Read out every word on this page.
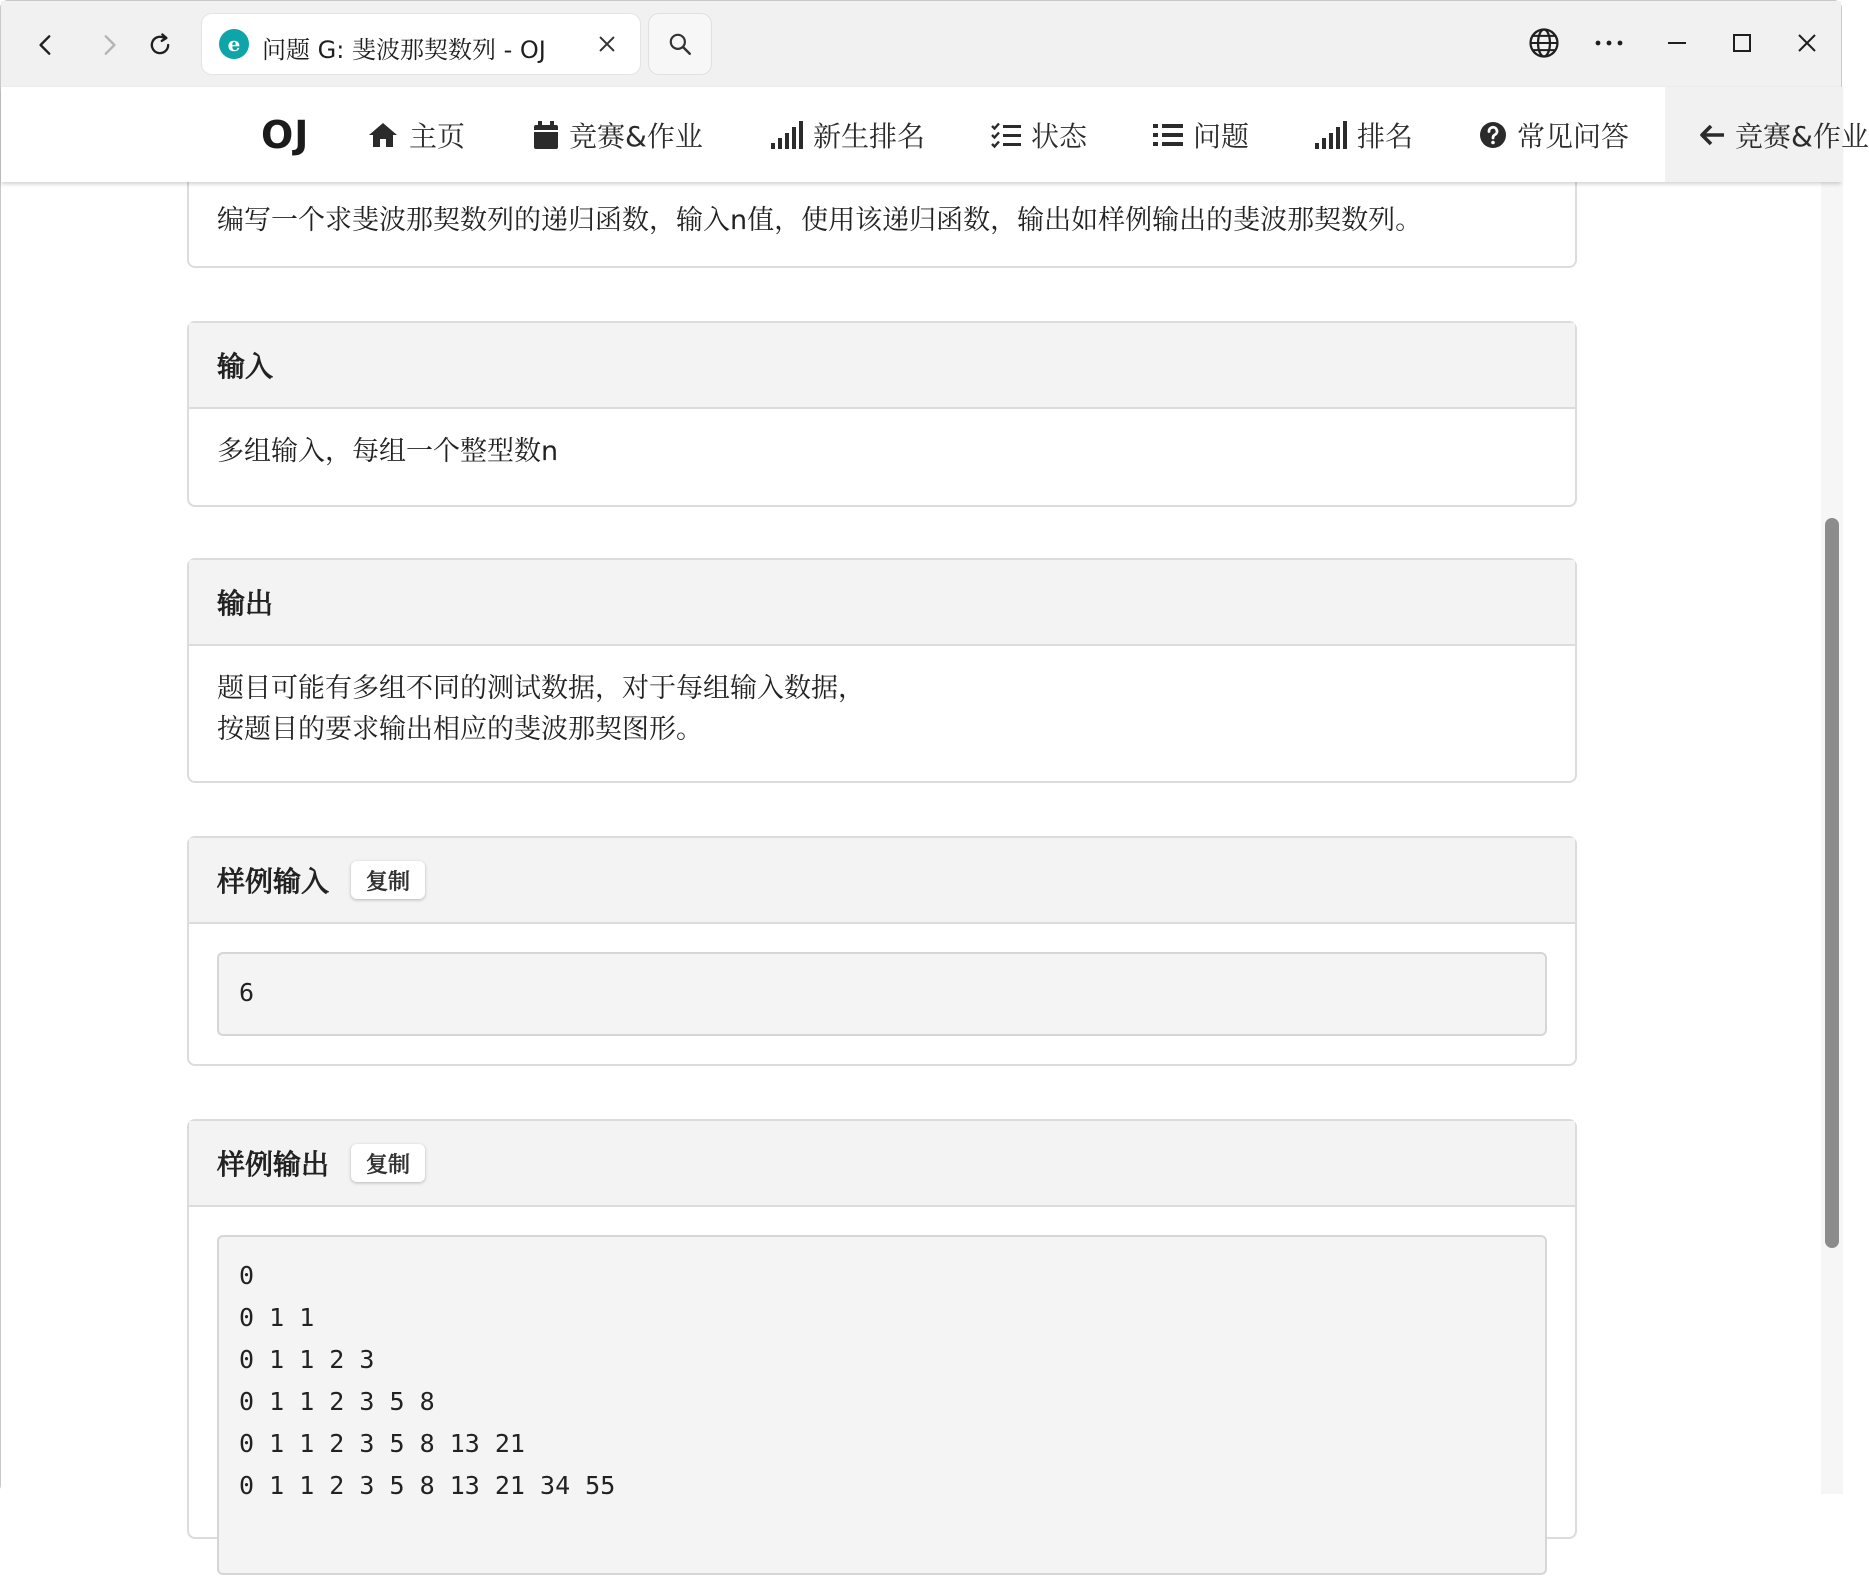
e 问题 G: 斐波那契数列 - OJ
OJ	主页	竞赛&作业	新生排名	状态	问题	排名	常见问答	竞赛&作业
编写一个求斐波那契数列的递归函数，输入n值，使用该递归函数，输出如样例输出的斐波那契数列。
输入
多组输入，每组一个整型数n
输出
题目可能有多组不同的测试数据，对于每组输入数据，
按题目的要求输出相应的斐波那契图形。
样例输入	复制
6
样例输出	复制
0
0 1 1
0 1 1 2 3
0 1 1 2 3 5 8
0 1 1 2 3 5 8 13 21
0 1 1 2 3 5 8 13 21 34 55
